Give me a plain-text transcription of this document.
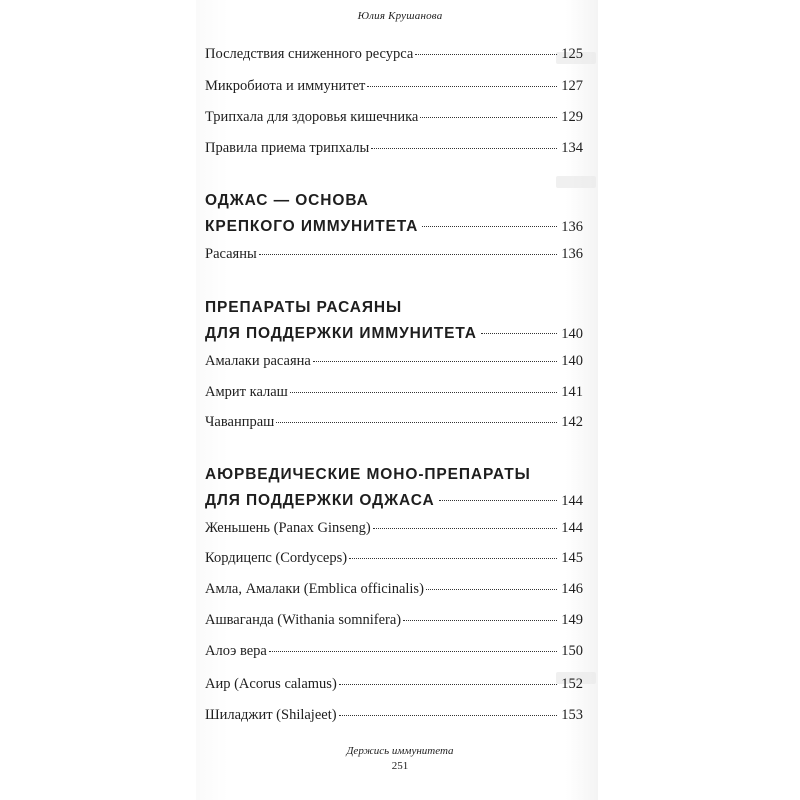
Юлия Крушанова
Последствия сниженного ресурса	125
Микробиота и иммунитет	127
Трипхала для здоровья кишечника	129
Правила приема трипхалы	134
ОДЖАС — ОСНОВА
КРЕПКОГО ИММУНИТЕТА	136
Расаяны	136
ПРЕПАРАТЫ РАСАЯНЫ
ДЛЯ ПОДДЕРЖКИ ИММУНИТЕТА	140
Амалаки расаяна	140
Амрит калаш	141
Чаванпраш	142
АЮРВЕДИЧЕСКИЕ МОНО-ПРЕПАРАТЫ
ДЛЯ ПОДДЕРЖКИ ОДЖАСА	144
Женьшень (Panax Ginseng)	144
Кордицепс (Cordyceps)	145
Амла, Амалаки (Emblica officinalis)	146
Ашваганда (Withania somnifera)	149
Алоэ вера	150
Аир (Acorus calamus)	152
Шиладжит (Shilajeet)	153
Держись иммунитета
251
